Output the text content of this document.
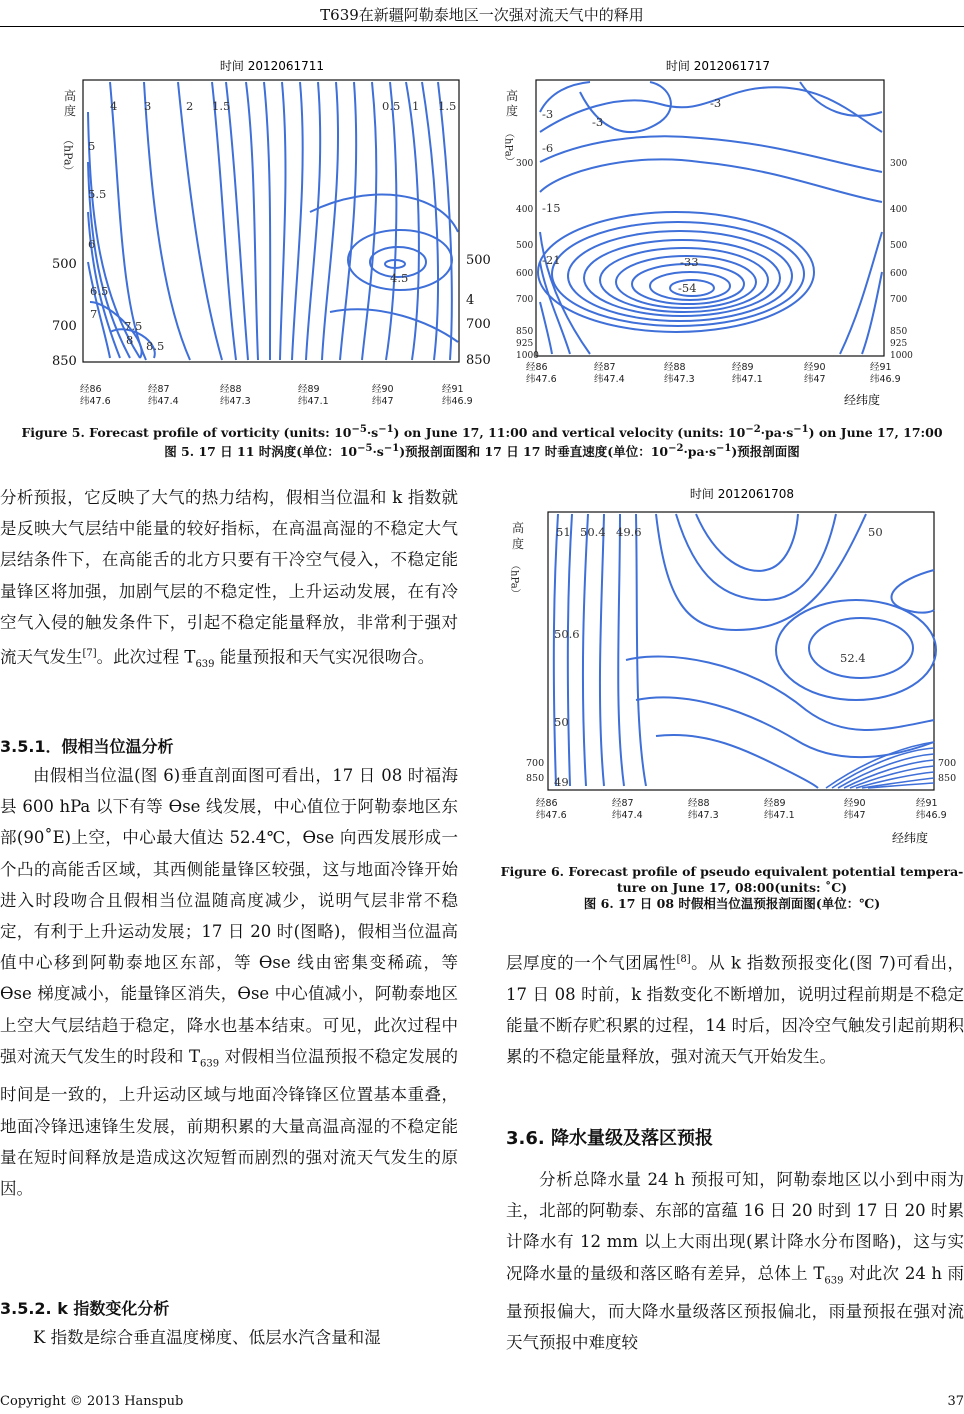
T639在新疆阿勒泰地区一次强对流天气中的释用
时间 2012061711
高度
（hPa）
4 3	2 1.5	0.5 1 1.5
5
5.5
6
6.5
7
7.5
8 8.5
4.5
500
700
850
500
4
700
850
经86
纬47.6
经87
纬47.4
经88
纬47.3
经89
纬47.1
经90
纬47
经91
纬46.9
时间 2012061717
高
度
（hPa）
-3
-3
-3
-6
-15
-21	-33
-54
300
400
500
600
700
850
925
1000
300
400
500
600
700
850
925
1000
经86
纬47.6
经87
纬47.4
经88
纬47.3
经89
纬47.1
经90
纬47
经91
纬46.9
经纬度
Figure 5. Forecast profile of vorticity (units: $10^{-5}\cdot s^{-1}$) on June 17, 11:00 and vertical velocity (units: $10^{-2}\cdot pa\cdot s^{-1}$) on June 17, 17:00
图 5. 17 日 11 时涡度(单位：$10^{-5}\cdot s^{-1}$)预报剖面图和 17 日 17 时垂直速度(单位：$10^{-2}\cdot pa\cdot s^{-1}$)预报剖面图

分析预报，它反映了大气的热力结构，假相当位温和 k 指数就是反映大气层结中能量的较好指标，在高温高湿的不稳定大气层结条件下，在高能舌的北方只要有干冷空气侵入，不稳定能量锋区将加强，加剧气层的不稳定性，上升运动发展，在有冷空气入侵的触发条件下，引起不稳定能量释放，非常利于强对流天气发生[7]。此次过程 $T_{639}$ 能量预报和天气实况很吻合。

3.5.1．假相当位温分析

由假相当位温(图 6)垂直剖面图可看出，17 日 08 时福海县 600 hPa 以下有等 Ɵse 线发展，中心值位于阿勒泰地区东部(90˚E)上空，中心最大值达 52.4℃，Ɵse 向西发展形成一个凸的高能舌区域，其西侧能量锋区较强，这与地面冷锋开始进入时段吻合且假相当位温随高度减少，说明气层非常不稳定，有利于上升运动发展；17 日 20 时(图略)，假相当位温高值中心移到阿勒泰地区东部，等 Ɵse 线由密集变稀疏，等 Ɵse 梯度减小，能量锋区消失，Ɵse 中心值减小，阿勒泰地区上空大气层结趋于稳定，降水也基本结束。可见，此次过程中强对流天气发生的时段和 $T_{639}$ 对假相当位温预报不稳定发展的时间是一致的，上升运动区域与地面冷锋锋区位置基本重叠，地面冷锋迅速锋生发展，前期积累的大量高温高湿的不稳定能量在短时间释放是造成这次短暂而剧烈的强对流天气发生的原因。

3.5.2. k 指数变化分析

K 指数是综合垂直温度梯度、低层水汽含量和湿

时间 2012061708
高
度
（hPa）
51 50.4 49.6	50
50.6
52.4
50
49
700
850
700
850
经86
纬47.6
经87
纬47.4
经88
纬47.3
经89
纬47.1
经90
纬47
经91
纬46.9
经纬度
Figure 6. Forecast profile of pseudo equivalent potential tempera-
ture on June 17, 08:00(units: ˚C)
图 6. 17 日 08 时假相当位温预报剖面图(单位：℃)

层厚度的一个气团属性[8]。从 k 指数预报变化(图 7)可看出，17 日 08 时前，k 指数变化不断增加，说明过程前期是不稳定能量不断存贮积累的过程，14 时后，因冷空气触发引起前期积累的不稳定能量释放，强对流天气开始发生。

3.6. 降水量级及落区预报

分析总降水量 24 h 预报可知，阿勒泰地区以小到中雨为主，北部的阿勒泰、东部的富蕴 16 日 20 时到 17 日 20 时累计降水有 12 mm 以上大雨出现(累计降水分布图略)，这与实况降水量的量级和落区略有差异，总体上 $T_{639}$ 对此次 24 h 雨量预报偏大，而大降水量级落区预报偏北，雨量预报在强对流天气预报中难度较

Copyright © 2013 Hanspub	37
